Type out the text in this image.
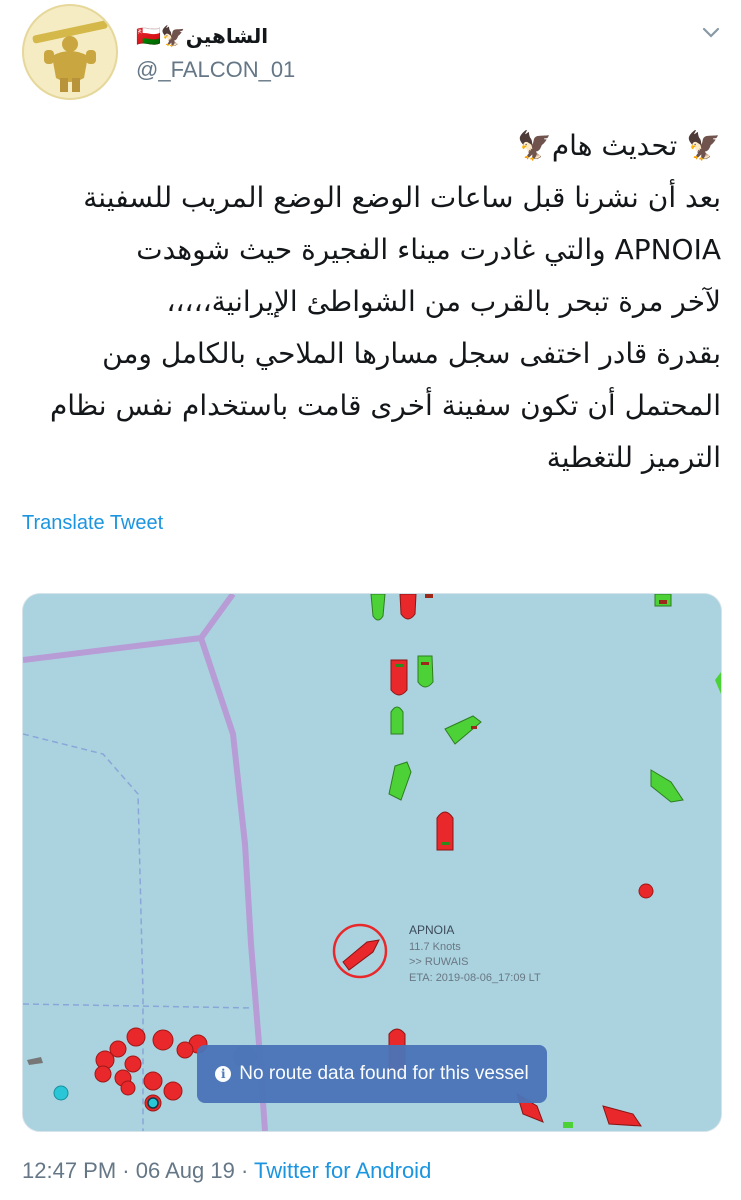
الشاهين🦅🇴🇲
@_FALCON_01

🦅 تحديث هام🦅

بعد أن نشرنا قبل ساعات الوضع الوضع المريب للسفينة

APNOIA والتي غادرت ميناء الفجيرة حيث شوهدت

لآخر مرة تبحر بالقرب من الشواطئ الإيرانية،،،،،

بقدرة قادر اختفى سجل مسارها الملاحي بالكامل ومن

المحتمل أن تكون سفينة أخرى قامت باستخدام نفس نظام

الترميز للتغطية

Translate Tweet
APNOIA
11.7 Knots
>> RUWAIS
ETA: 2019-08-06_17:09 LT
i No route data found for this vessel
12:47 PM · 06 Aug 19 · Twitter for Android
